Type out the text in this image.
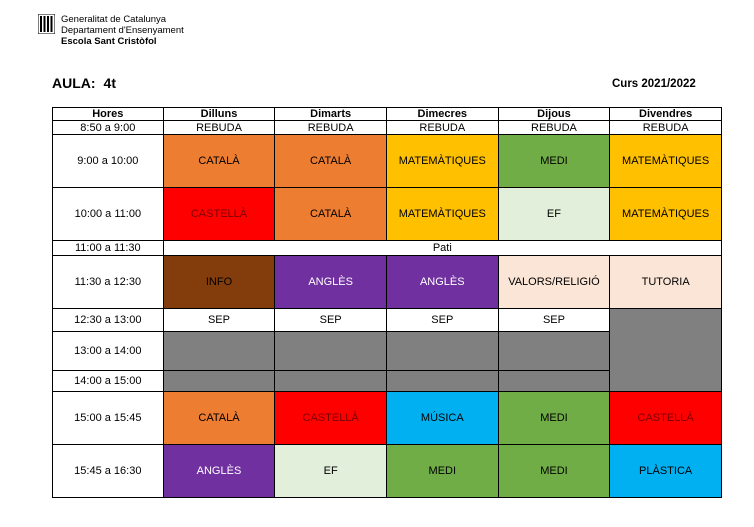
Generalitat de Catalunya
Departament d'Ensenyament
Escola Sant Cristòfol
AULA: 4t	Curs 2021/2022
Hores	Dilluns	Dimarts	Dimecres	Dijous	Divendres
8:50 a 9:00	REBUDA	REBUDA	REBUDA	REBUDA	REBUDA
9:00 a 10:00	CATALÀ	CATALÀ	MATEMÀTIQUES	MEDI	MATEMÀTIQUES
10:00 a 11:00	CASTELLÀ	CATALÀ	MATEMÀTIQUES	EF	MATEMÀTIQUES
11:00 a 11:30	Pati				
11:30 a 12:30	INFO	ANGLÈS	ANGLÈS	VALORS/RELIGIÓ	TUTORIA
12:30 a 13:00	SEP	SEP	SEP	SEP	
13:00 a 14:00					
14:00 a 15:00					
15:00 a 15:45	CATALÀ	CASTELLÀ	MÚSICA	MEDI	CASTELLÀ
15:45 a 16:30	ANGLÈS	EF	MEDI	MEDI	PLÀSTICA
